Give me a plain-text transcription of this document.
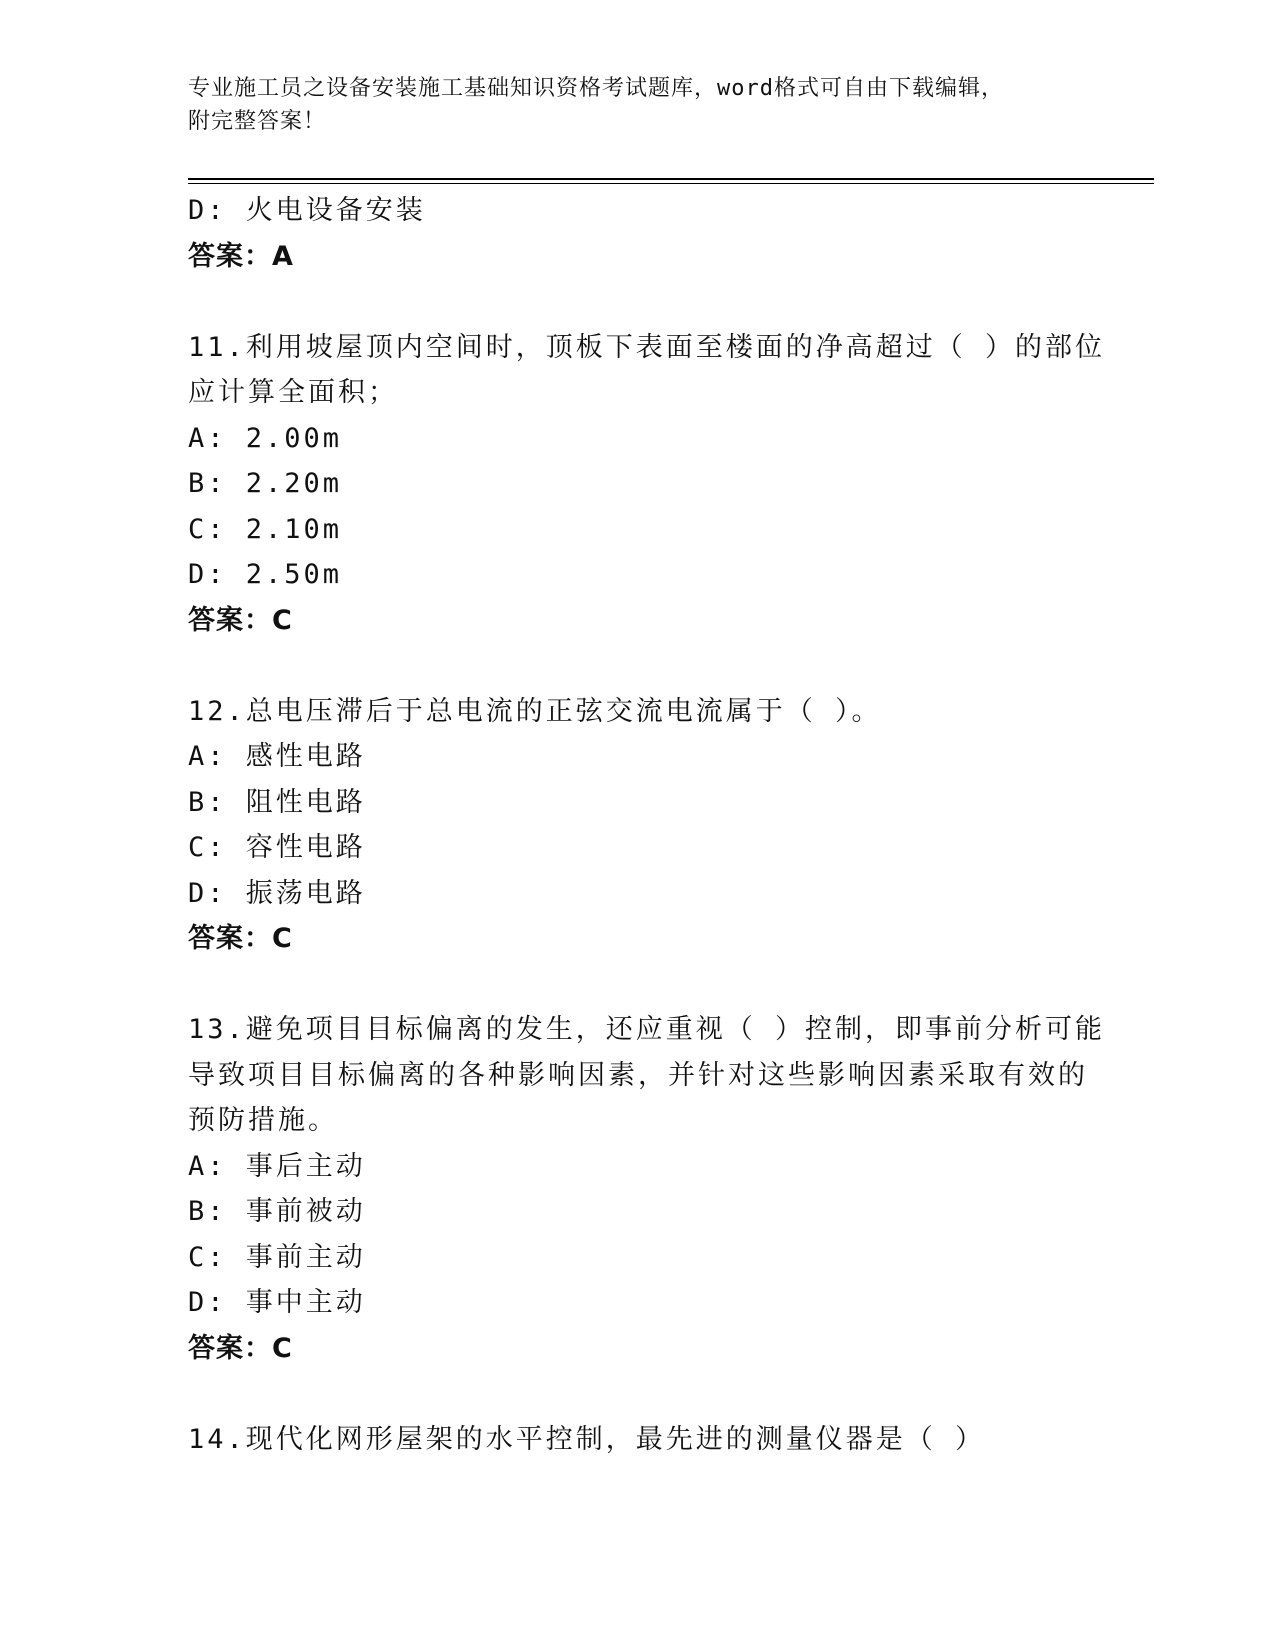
专业施工员之设备安装施工基础知识资格考试题库，word格式可自由下载编辑，
附完整答案！
D: 火电设备安装
答案：A
11.利用坡屋顶内空间时，顶板下表面至楼面的净高超过（ ）的部位
应计算全面积；
A: 2.00m
B: 2.20m
C: 2.10m
D: 2.50m
答案：C
12.总电压滞后于总电流的正弦交流电流属于（ ）。
A: 感性电路
B: 阻性电路
C: 容性电路
D: 振荡电路
答案：C
13.避免项目目标偏离的发生，还应重视（ ）控制，即事前分析可能
导致项目目标偏离的各种影响因素，并针对这些影响因素采取有效的
预防措施。
A: 事后主动
B: 事前被动
C: 事前主动
D: 事中主动
答案：C
14.现代化网形屋架的水平控制，最先进的测量仪器是（ ）
